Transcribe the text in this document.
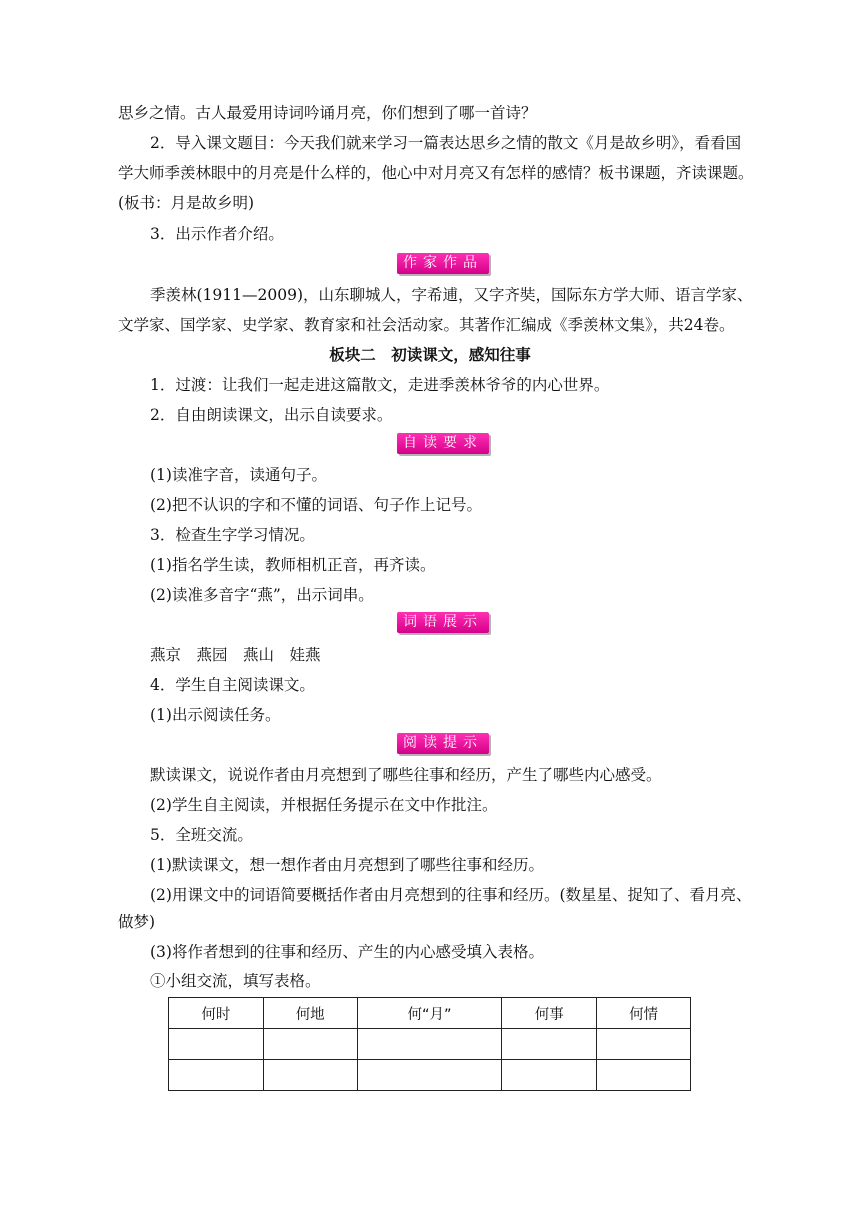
思乡之情。古人最爱用诗词吟诵月亮，你们想到了哪一首诗？
2．导入课文题目：今天我们就来学习一篇表达思乡之情的散文《月是故乡明》，看看国
学大师季羡林眼中的月亮是什么样的，他心中对月亮又有怎样的感情？板书课题，齐读课题。
(板书：月是故乡明)
3．出示作者介绍。
作家作品
季羡林(1911—2009)，山东聊城人，字希逋，又字齐奘，国际东方学大师、语言学家、
文学家、国学家、史学家、教育家和社会活动家。其著作汇编成《季羡林文集》，共24卷。
板块二　初读课文，感知往事
1．过渡：让我们一起走进这篇散文，走进季羡林爷爷的内心世界。
2．自由朗读课文，出示自读要求。
自读要求
(1)读准字音，读通句子。
(2)把不认识的字和不懂的词语、句子作上记号。
3．检查生字学习情况。
(1)指名学生读，教师相机正音，再齐读。
(2)读准多音字“燕”，出示词串。
词语展示
燕京　燕园　燕山　娃燕
4．学生自主阅读课文。
(1)出示阅读任务。
阅读提示
默读课文，说说作者由月亮想到了哪些往事和经历，产生了哪些内心感受。
(2)学生自主阅读，并根据任务提示在文中作批注。
5．全班交流。
(1)默读课文，想一想作者由月亮想到了哪些往事和经历。
(2)用课文中的词语简要概括作者由月亮想到的往事和经历。(数星星、捉知了、看月亮、
做梦)
(3)将作者想到的往事和经历、产生的内心感受填入表格。
①小组交流，填写表格。
何时	何地	何“月”	何事	何情
